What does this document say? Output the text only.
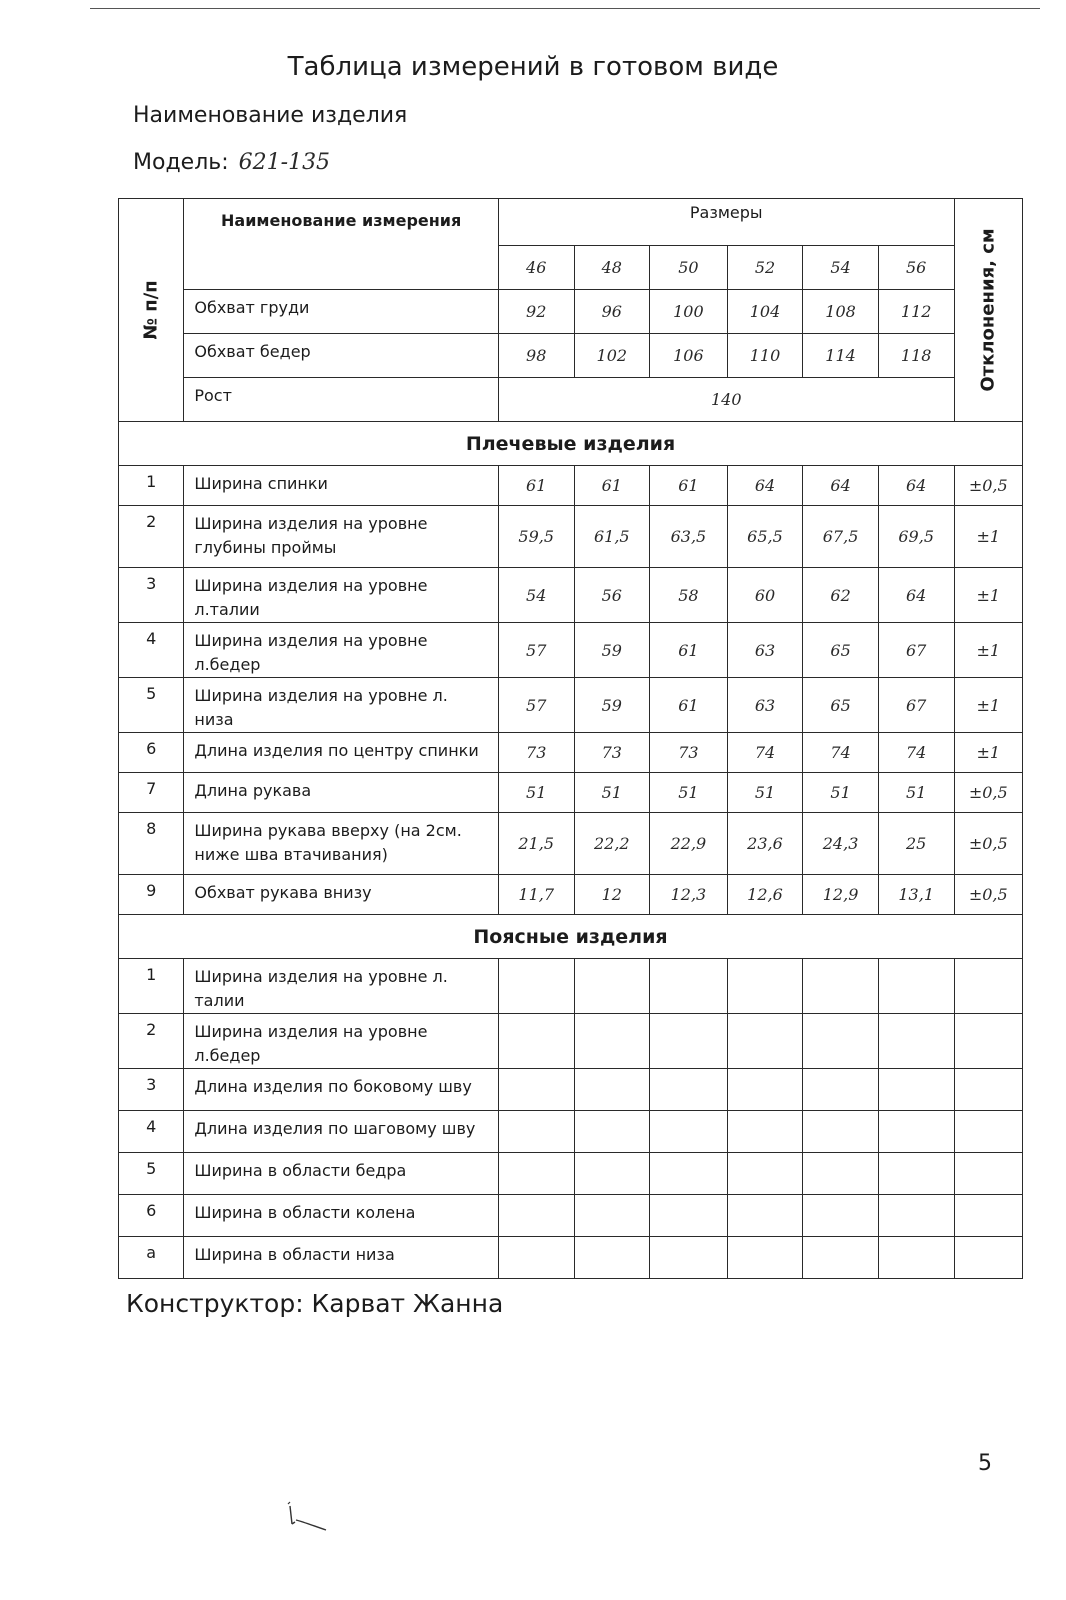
Таблица измерений в готовом виде
Наименование изделия
Модель: 621-135
№ п/п	Наименование измерения	Размеры						Отклонения, см

		46	48	50	52	54	56	
	Обхват груди	92	96	100	104	108	112	
	Обхват бедер	98	102	106	110	114	118	
	Рост	140						
Плечевые изделия								
1	Ширина спинки	61	61	61	64	64	64	±0,5
2	Ширина изделия на уровне глубины проймы	59,5	61,5	63,5	65,5	67,5	69,5	±1
3	Ширина изделия на уровне л.талии	54	56	58	60	62	64	±1
4	Ширина изделия на уровне л.бедер	57	59	61	63	65	67	±1
5	Ширина изделия на уровне л. низа	57	59	61	63	65	67	±1
6	Длина изделия по центру спинки	73	73	73	74	74	74	±1
7	Длина рукава	51	51	51	51	51	51	±0,5
8	Ширина рукава вверху (на 2см. ниже шва втачивания)	21,5	22,2	22,9	23,6	24,3	25	±0,5
9	Обхват рукава внизу	11,7	12	12,3	12,6	12,9	13,1	±0,5
Поясные изделия								
1	Ширина изделия на уровне л. талии							
2	Ширина изделия на уровне л.бедер							
3	Длина изделия по боковому шву							
4	Длина изделия по шаговому шву							
5	Ширина в области бедра							
6	Ширина в области колена							
а	Ширина в области низа							
Конструктор: Карват Жанна
5
